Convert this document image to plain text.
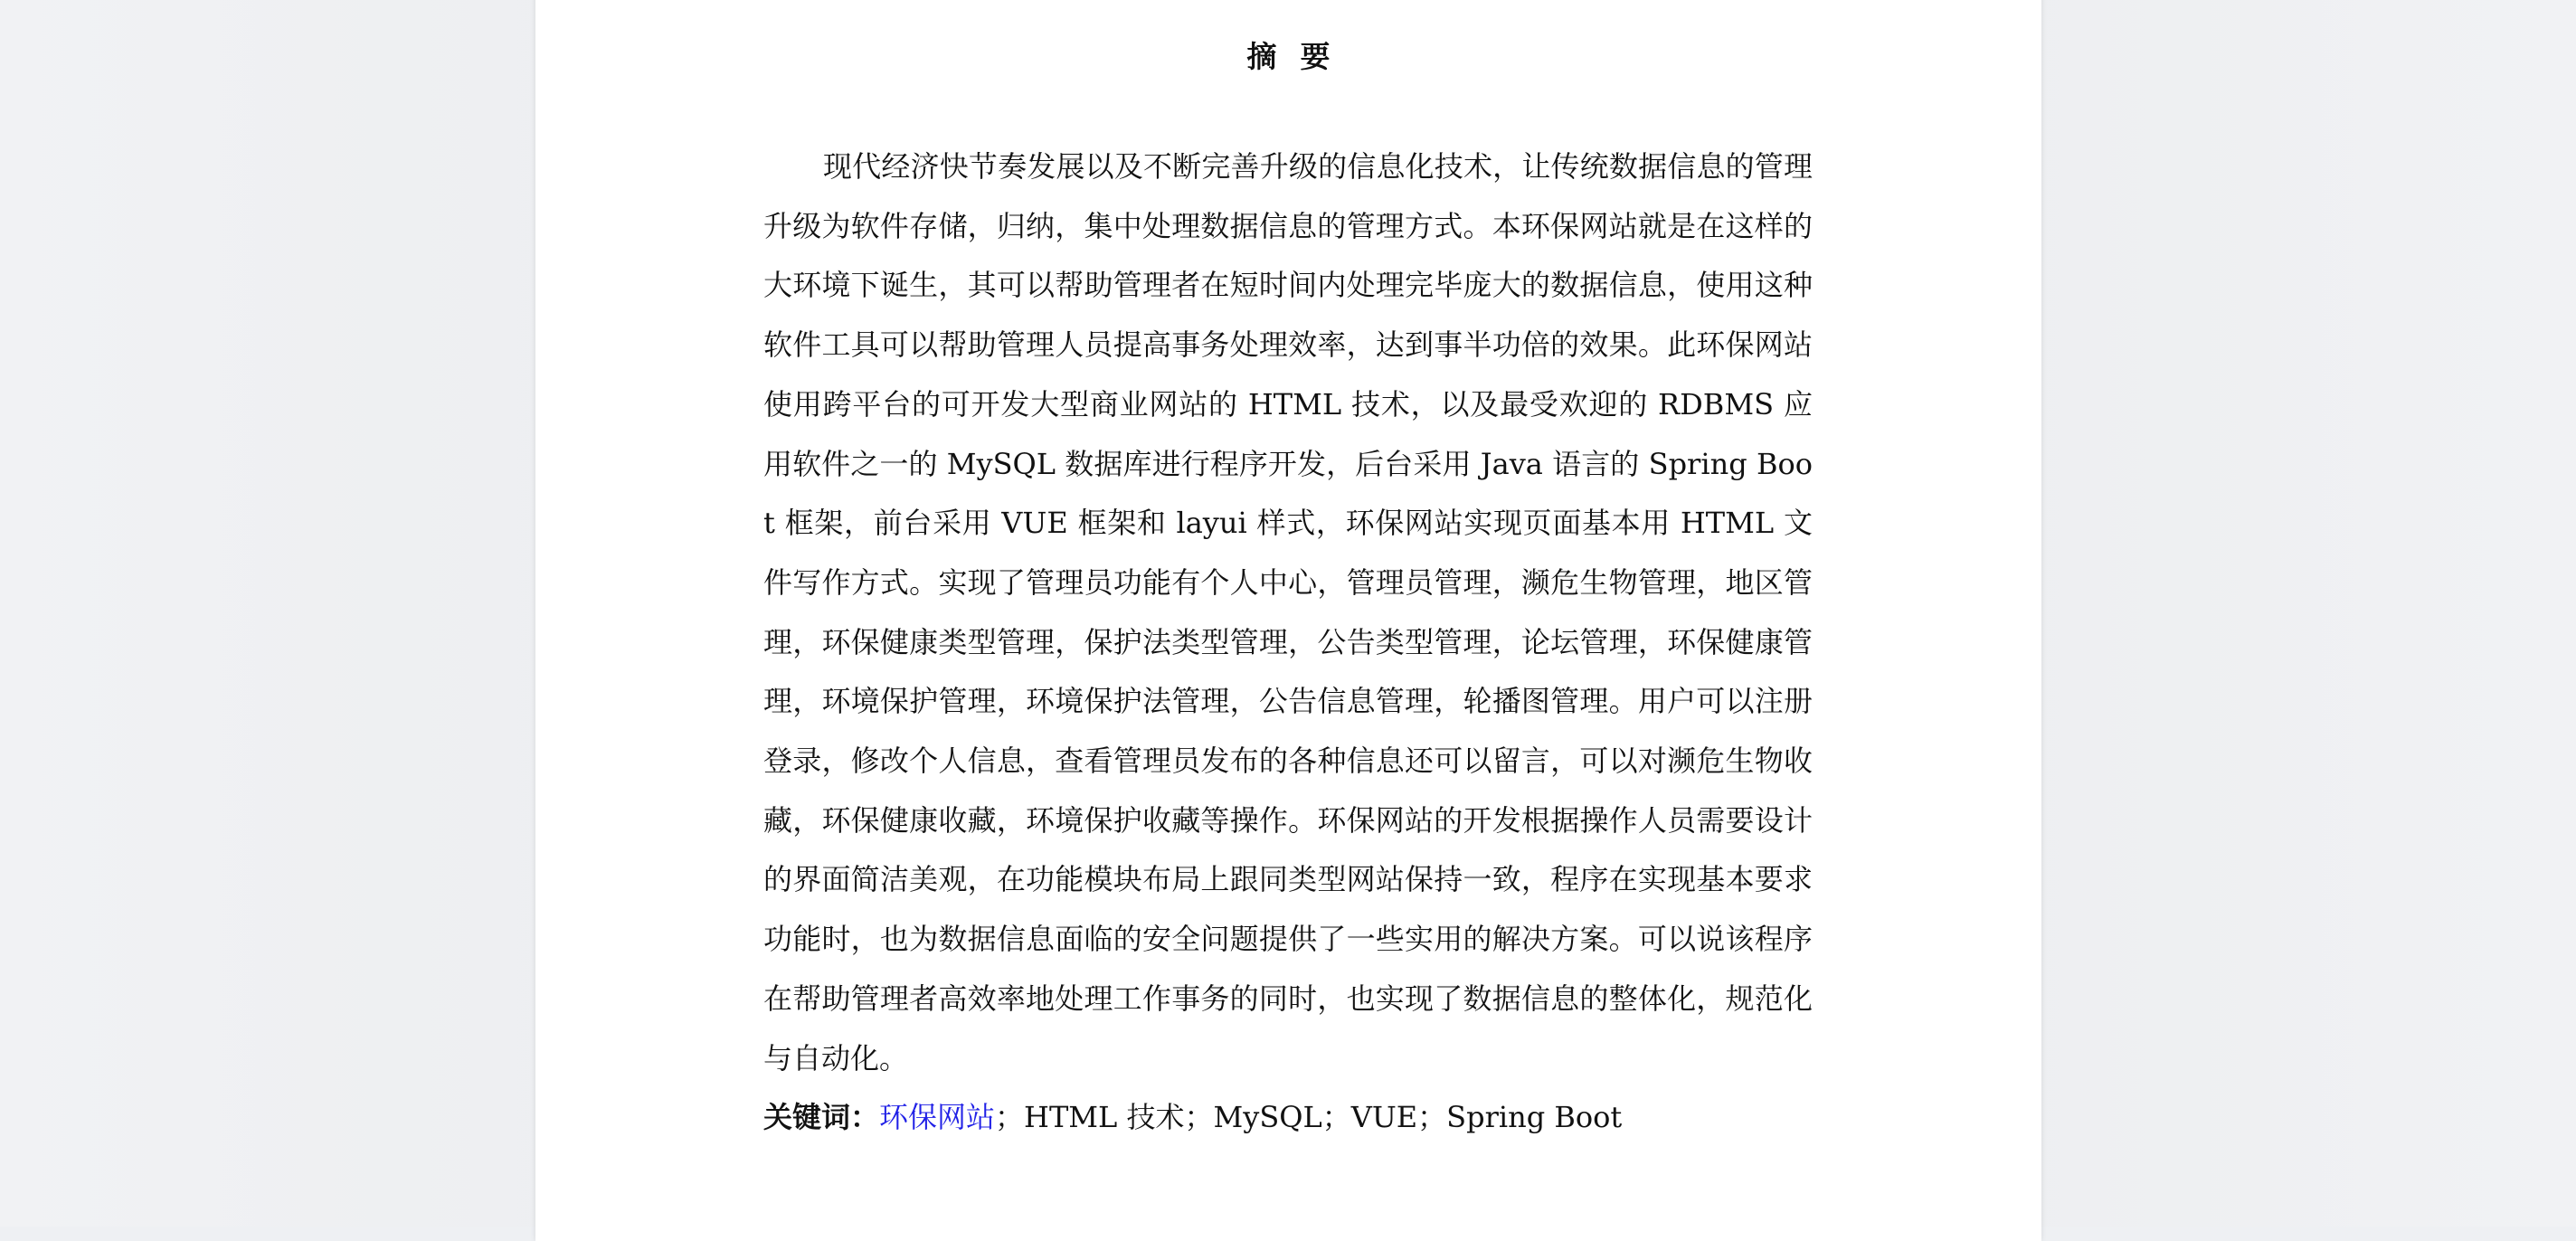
摘要

现代经济快节奏发展以及不断完善升级的信息化技术，让传统数据信息的管理升级为软件存储，归纳，集中处理数据信息的管理方式。本环保网站就是在这样的大环境下诞生，其可以帮助管理者在短时间内处理完毕庞大的数据信息，使用这种软件工具可以帮助管理人员提高事务处理效率，达到事半功倍的效果。此环保网站使用跨平台的可开发大型商业网站的 HTML 技术，以及最受欢迎的 RDBMS 应用软件之一的 MySQL 数据库进行程序开发，后台采用 Java 语言的 Spring Boot 框架，前台采用 VUE 框架和 layui 样式，环保网站实现页面基本用 HTML 文件写作方式。实现了管理员功能有个人中心，管理员管理，濒危生物管理，地区管理，环保健康类型管理，保护法类型管理，公告类型管理，论坛管理，环保健康管理，环境保护管理，环境保护法管理，公告信息管理，轮播图管理。用户可以注册登录，修改个人信息，查看管理员发布的各种信息还可以留言，可以对濒危生物收藏，环保健康收藏，环境保护收藏等操作。环保网站的开发根据操作人员需要设计的界面简洁美观，在功能模块布局上跟同类型网站保持一致，程序在实现基本要求功能时，也为数据信息面临的安全问题提供了一些实用的解决方案。可以说该程序在帮助管理者高效率地处理工作事务的同时，也实现了数据信息的整体化，规范化与自动化。

关键词：环保网站；HTML 技术；MySQL；VUE；Spring Boot
